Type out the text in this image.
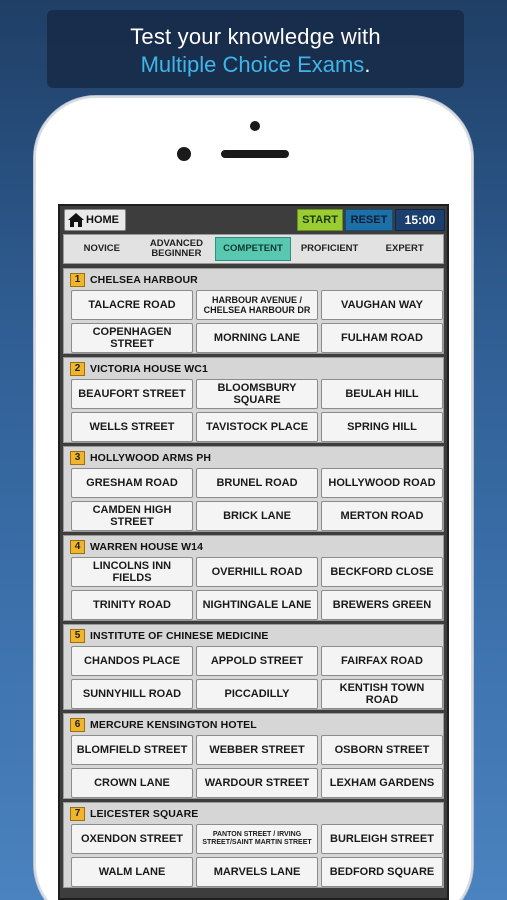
Test your knowledge with
Multiple Choice Exams.
HOME	START	RESET	15:00
NOVICE	ADVANCED BEGINNER	COMPETENT PROFICIENT	EXPERT
1 CHELSEA HARBOUR
TALACRE ROAD	HARBOUR AVENUE / CHELSEA HARBOUR DR	VAUGHAN WAY
COPENHAGEN STREET	MORNING LANE	FULHAM ROAD
2 VICTORIA HOUSE WC1
BEAUFORT STREET	BLOOMSBURY SQUARE	BEULAH HILL
WELLS STREET	TAVISTOCK PLACE	SPRING HILL
3 HOLLYWOOD ARMS PH
GRESHAM ROAD	BRUNEL ROAD	HOLLYWOOD ROAD
CAMDEN HIGH STREET	BRICK LANE	MERTON ROAD
4 WARREN HOUSE W14
LINCOLNS INN FIELDS	OVERHILL ROAD	BECKFORD CLOSE
TRINITY ROAD	NIGHTINGALE LANE	BREWERS GREEN
5 INSTITUTE OF CHINESE MEDICINE
CHANDOS PLACE	APPOLD STREET	FAIRFAX ROAD
SUNNYHILL ROAD	PICCADILLY	KENTISH TOWN ROAD
6 MERCURE KENSINGTON HOTEL
BLOMFIELD STREET	WEBBER STREET	OSBORN STREET
CROWN LANE	WARDOUR STREET	LEXHAM GARDENS
7 LEICESTER SQUARE
OXENDON STREET	PANTON STREET / IRVING STREET/SAINT MARTIN STREET	BURLEIGH STREET
WALM LANE	MARVELS LANE	BEDFORD SQUARE
